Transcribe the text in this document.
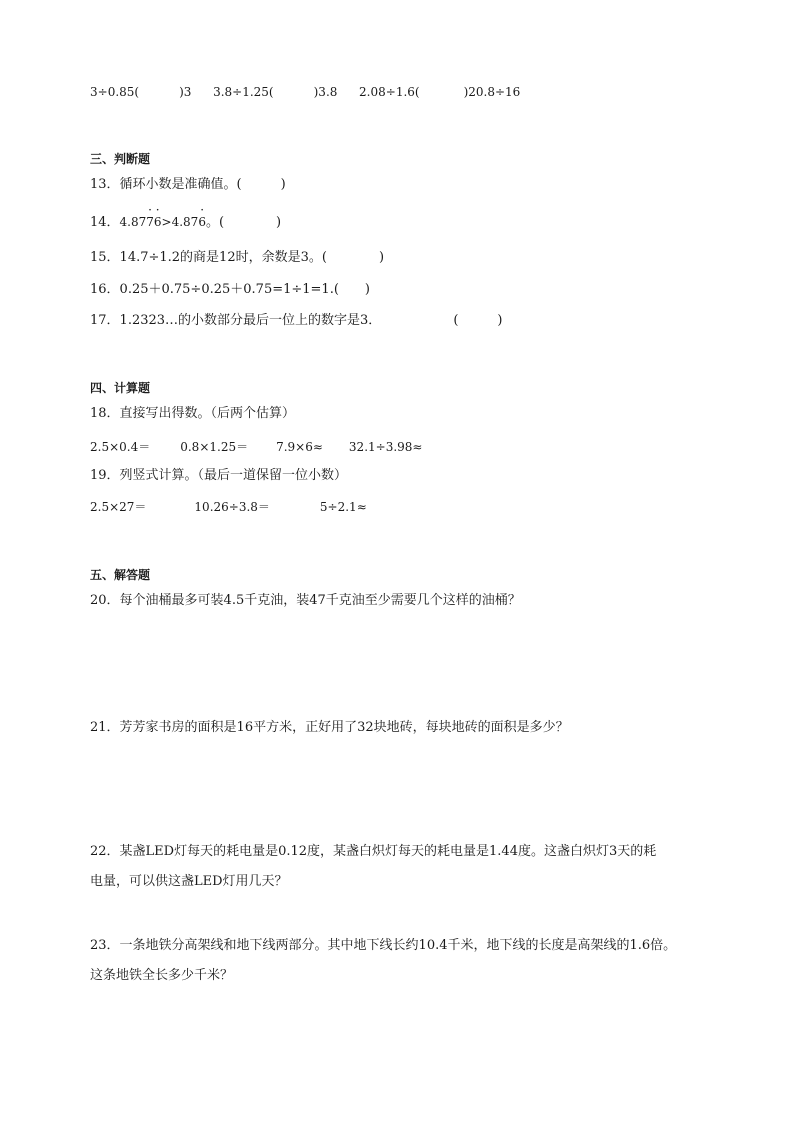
3÷0.85(	)3 3.8÷1.25(	)3.8 2.08÷1.6(	)20.8÷16
三、判断题
13．循环小数是准确值。(　　　)
14．4.87· 7· 6>4.87· 6。(　　　　)
15．14.7÷1.2的商是12时，余数是3。(　　　　)
16．0.25＋0.75÷0.25＋0.75=1÷1=1.(　　)
17．1.2323…的小数部分最后一位上的数字是3．	(　　　)
四、计算题
18．直接写出得数。（后两个估算）
2.5×0.4＝	0.8×1.25＝ 7.9×6≈ 32.1÷3.98≈
19．列竖式计算。（最后一道保留一位小数）
2.5×27＝	10.26÷3.8＝	5÷2.1≈
五、解答题
20．每个油桶最多可装4.5千克油，装47千克油至少需要几个这样的油桶？
21．芳芳家书房的面积是16平方米，正好用了32块地砖，每块地砖的面积是多少？
22．某盏LED灯每天的耗电量是0.12度，某盏白炽灯每天的耗电量是1.44度。这盏白炽灯3天的耗
电量，可以供这盏LED灯用几天？
23．一条地铁分高架线和地下线两部分。其中地下线长约10.4千米，地下线的长度是高架线的1.6倍。
这条地铁全长多少千米？
